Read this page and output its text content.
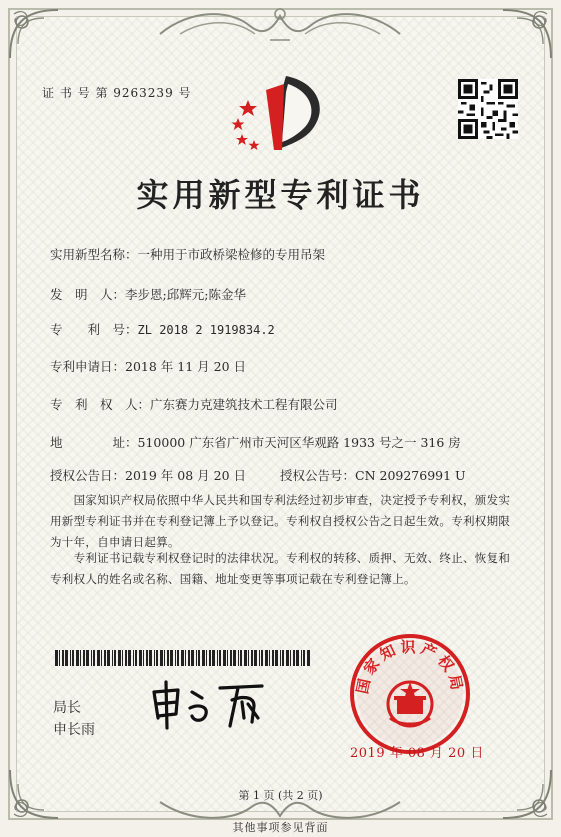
证 书 号 第 9263239 号
实用新型专利证书
实用新型名称：一种用于市政桥梁检修的专用吊架
发　明　人：李步恩;邱辉元;陈金华
专　　利　号：ZL 2018 2 1919834.2
专利申请日：2018 年 11 月 20 日
专　利　权　人：广东赛力克建筑技术工程有限公司
地　　　　址：510000 广东省广州市天河区华观路 1933 号之一 316 房
授权公告日：2019 年 08 月 20 日	授权公告号：CN 209276991 U
　　国家知识产权局依照中华人民共和国专利法经过初步审查，决定授予专利权，颁发实用新型专利证书并在专利登记簿上予以登记。专利权自授权公告之日起生效。专利权期限为十年，自申请日起算。
　　专利证书记载专利权登记时的法律状况。专利权的转移、质押、无效、终止、恢复和专利权人的姓名或名称、国籍、地址变更等事项记载在专利登记簿上。
局长
申长雨
国家知识产权局
2019 年 08 月 20 日
第 1 页 (共 2 页)
其他事项参见背面
